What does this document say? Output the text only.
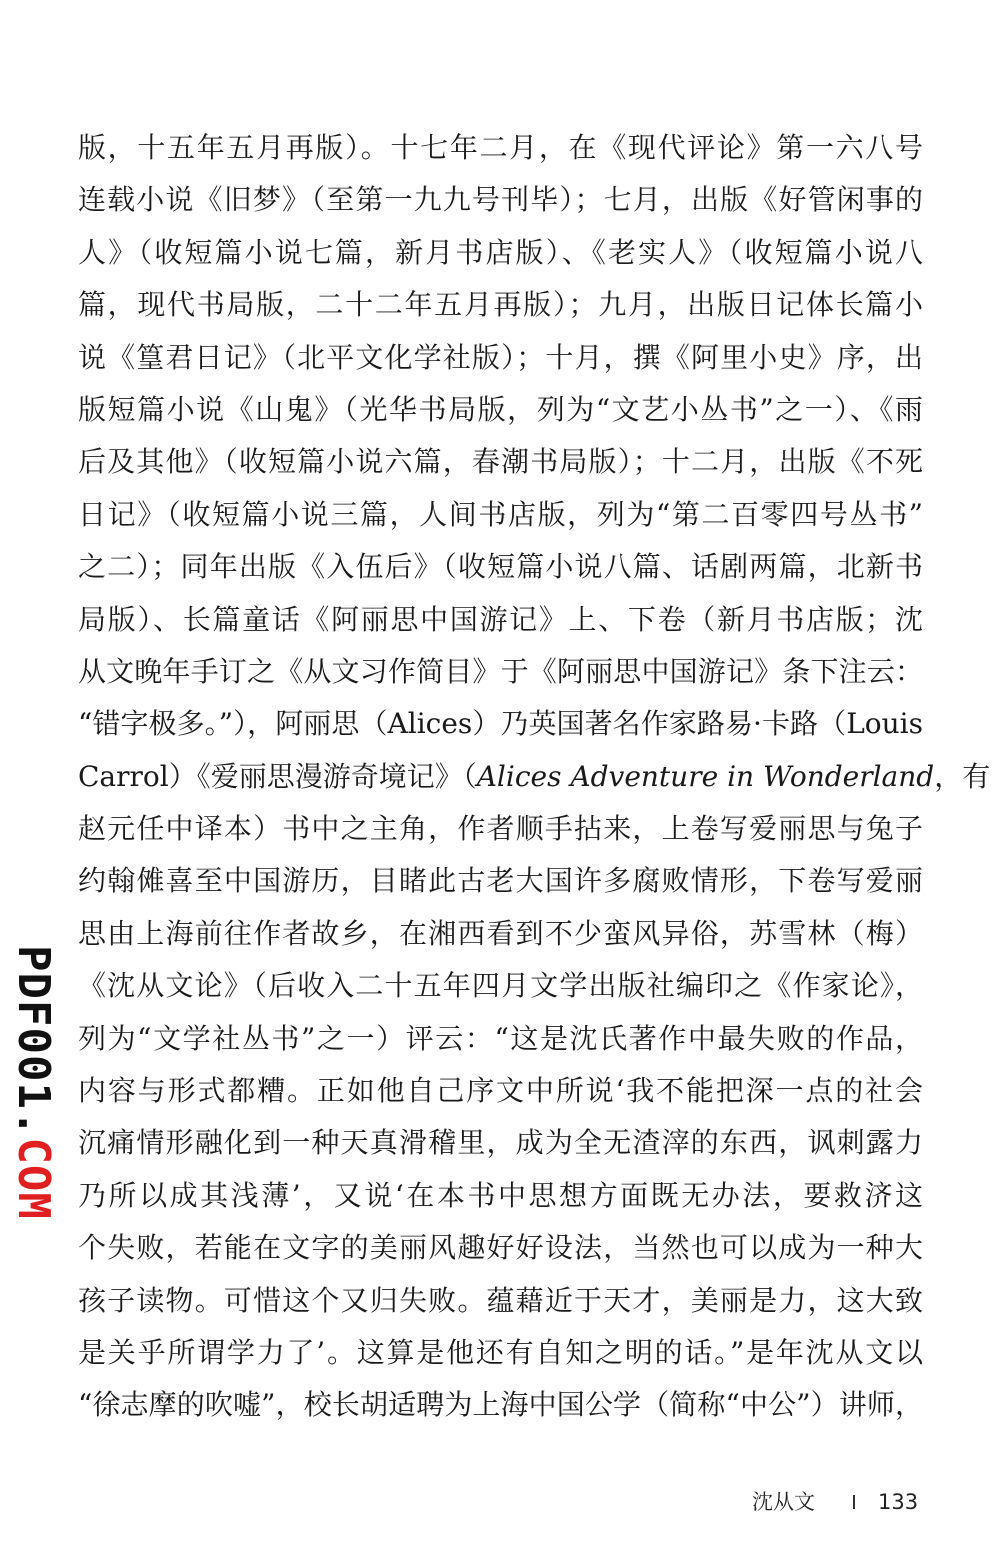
版，十五年五月再版）。十七年二月，在《现代评论》第一六八号
连载小说《旧梦》（至第一九九号刊毕）；七月，出版《好管闲事的
人》（收短篇小说七篇，新月书店版）、《老实人》（收短篇小说八
篇，现代书局版，二十二年五月再版）；九月，出版日记体长篇小
说《篁君日记》（北平文化学社版）；十月，撰《阿里小史》序，出
版短篇小说《山鬼》（光华书局版，列为“文艺小丛书”之一）、《雨
后及其他》（收短篇小说六篇，春潮书局版）；十二月，出版《不死
日记》（收短篇小说三篇，人间书店版，列为“第二百零四号丛书”
之二）；同年出版《入伍后》（收短篇小说八篇、话剧两篇，北新书
局版）、长篇童话《阿丽思中国游记》上、下卷（新月书店版；沈
从文晚年手订之《从文习作简目》于《阿丽思中国游记》条下注云：
“错字极多。”），阿丽思（Alices）乃英国著名作家路易·卡路（Louis
Carrol）《爱丽思漫游奇境记》（Alices Adventure in Wonderland，有
赵元任中译本）书中之主角，作者顺手拈来，上卷写爱丽思与兔子
约翰傩喜至中国游历，目睹此古老大国许多腐败情形，下卷写爱丽
思由上海前往作者故乡，在湘西看到不少蛮风异俗，苏雪林（梅）
《沈从文论》（后收入二十五年四月文学出版社编印之《作家论》，
列为“文学社丛书”之一）评云：“这是沈氏著作中最失败的作品，
内容与形式都糟。正如他自己序文中所说‘我不能把深一点的社会
沉痛情形融化到一种天真滑稽里，成为全无渣滓的东西，讽刺露力
乃所以成其浅薄’，又说‘在本书中思想方面既无办法，要救济这
个失败，若能在文字的美丽风趣好好设法，当然也可以成为一种大
孩子读物。可惜这个又归失败。蕴藉近于天才，美丽是力，这大致
是关乎所谓学力了’。这算是他还有自知之明的话。”是年沈从文以
“徐志摩的吹嘘”，校长胡适聘为上海中国公学（简称“中公”）讲师，
PDF001.COM
沈从文	133
